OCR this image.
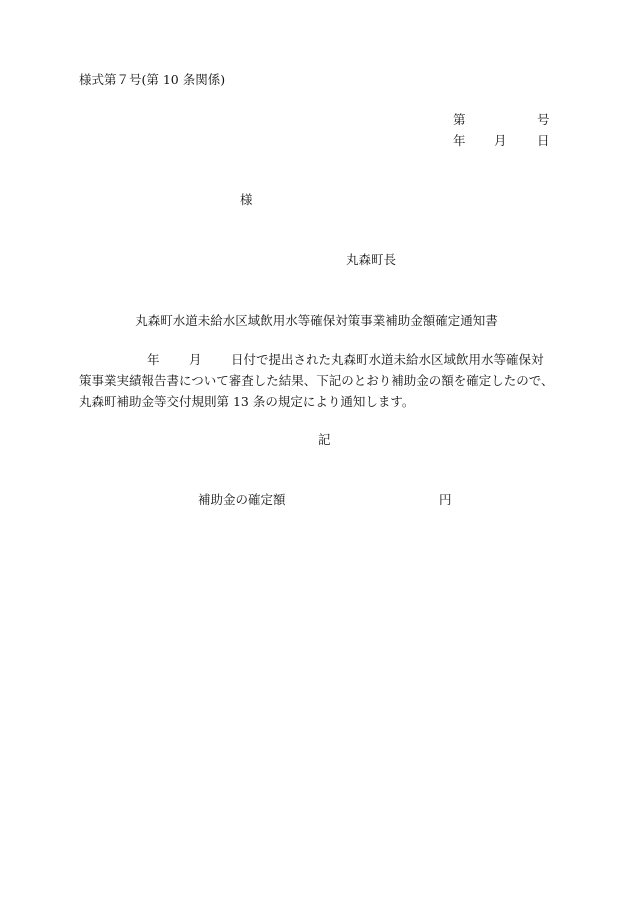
様式第７号(第 10 条関係)
第	号
年 月 日
様
丸森町長
丸森町水道未給水区域飲用水等確保対策事業補助金額確定通知書
年 月 日付で提出された丸森町水道未給水区域飲用水等確保対
策事業実績報告書について審査した結果、下記のとおり補助金の額を確定したので、
丸森町補助金等交付規則第 13 条の規定により通知します。
記
補助金の確定額	円
